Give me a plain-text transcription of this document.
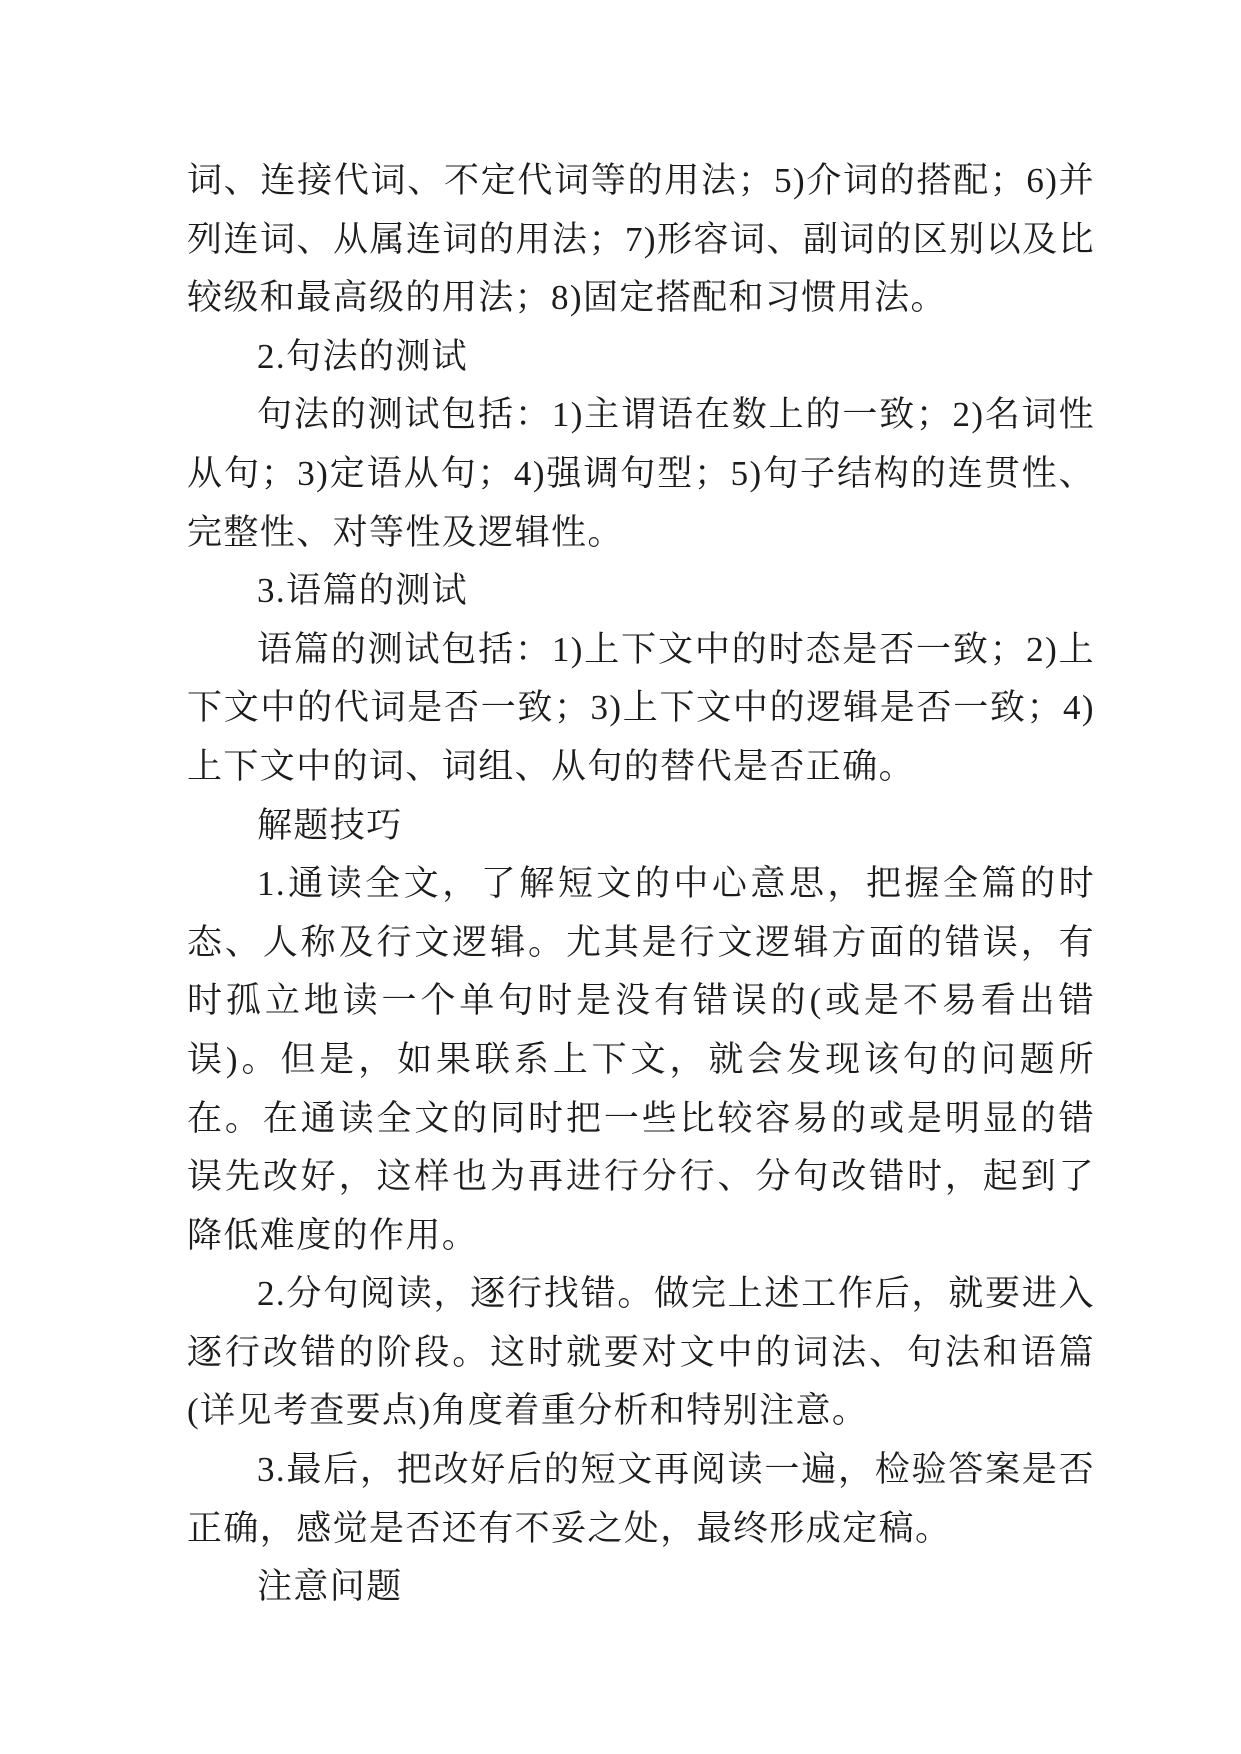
词、连接代词、不定代词等的用法；5)介词的搭配；6)并列连词、从属连词的用法；7)形容词、副词的区别以及比较级和最高级的用法；8)固定搭配和习惯用法。

2.句法的测试

句法的测试包括：1)主谓语在数上的一致；2)名词性从句；3)定语从句；4)强调句型；5)句子结构的连贯性、完整性、对等性及逻辑性。

3.语篇的测试

语篇的测试包括：1)上下文中的时态是否一致；2)上下文中的代词是否一致；3)上下文中的逻辑是否一致；4)上下文中的词、词组、从句的替代是否正确。

解题技巧

1.通读全文，了解短文的中心意思，把握全篇的时态、人称及行文逻辑。尤其是行文逻辑方面的错误，有时孤立地读一个单句时是没有错误的(或是不易看出错误)。但是，如果联系上下文，就会发现该句的问题所在。在通读全文的同时把一些比较容易的或是明显的错误先改好，这样也为再进行分行、分句改错时，起到了降低难度的作用。

2.分句阅读，逐行找错。做完上述工作后，就要进入逐行改错的阶段。这时就要对文中的词法、句法和语篇(详见考查要点)角度着重分析和特别注意。

3.最后，把改好后的短文再阅读一遍，检验答案是否正确，感觉是否还有不妥之处，最终形成定稿。

注意问题
